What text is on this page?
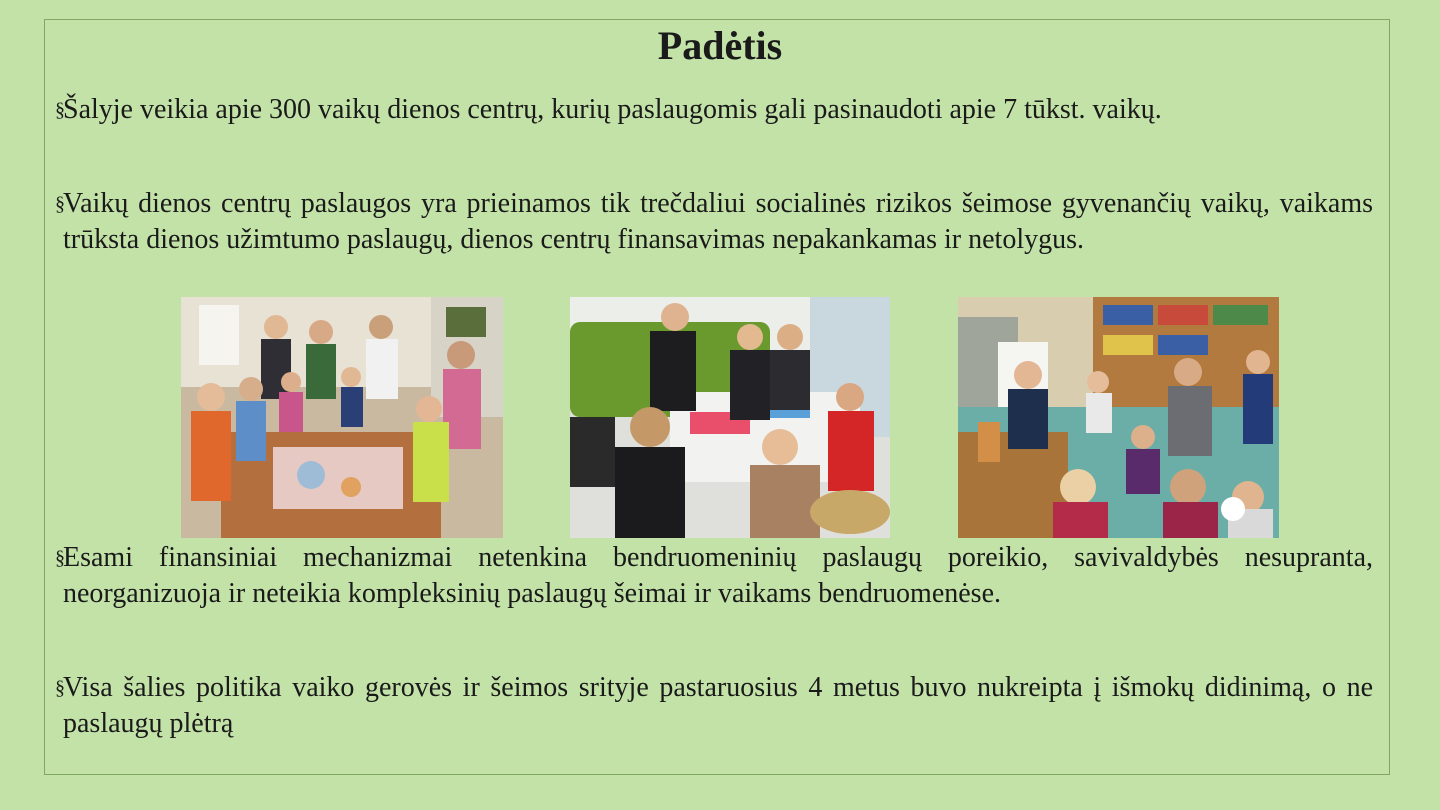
Padėtis
§
Šalyje veikia apie 300 vaikų dienos centrų, kurių paslaugomis gali pasinaudoti apie 7 tūkst. vaikų.
§
Vaikų dienos centrų paslaugos yra prieinamos tik trečdaliui socialinės rizikos šeimose gyvenančių vaikų, vaikams trūksta dienos užimtumo paslaugų, dienos centrų finansavimas nepakankamas ir netolygus.
§
Esami finansiniai mechanizmai netenkina bendruomeninių paslaugų poreikio, savivaldybės nesupranta, neorganizuoja ir neteikia kompleksinių paslaugų šeimai ir vaikams bendruomenėse.
§
Visa šalies politika vaiko gerovės ir šeimos srityje pastaruosius 4 metus buvo nukreipta į išmokų didinimą, o ne paslaugų plėtrą
